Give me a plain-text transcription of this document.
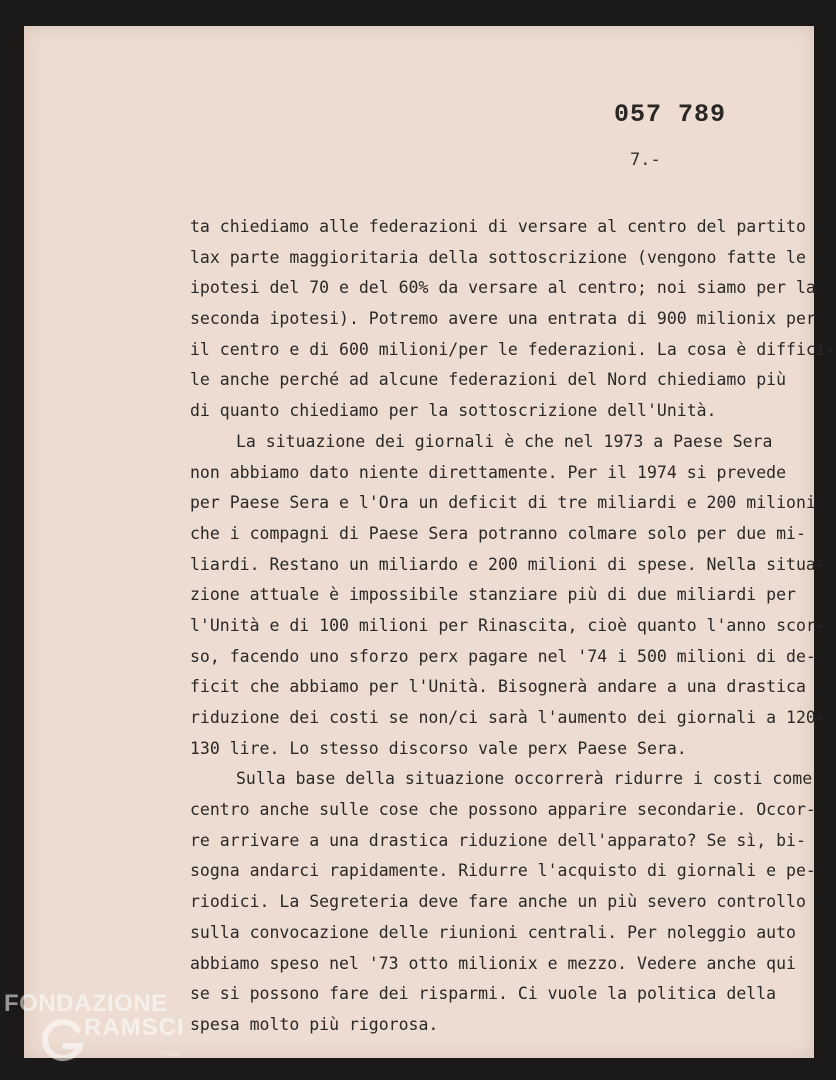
057 789
7.-
ta chiediamo alle federazioni di versare al centro del partito
lax parte maggioritaria della sottoscrizione (vengono fatte le
ipotesi del 70 e del 60% da versare al centro; noi siamo per la
seconda ipotesi). Potremo avere una entrata di 900 milionix per
il centro e di 600 milioni/per le federazioni. La cosa è diffici-
le anche perché ad alcune federazioni del Nord chiediamo più
di quanto chiediamo per la sottoscrizione dell'Unità.
La situazione dei giornali è che nel 1973 a Paese Sera
non abbiamo dato niente direttamente. Per il 1974 si prevede
per Paese Sera e l'Ora un deficit di tre miliardi e 200 milioni
che i compagni di Paese Sera potranno colmare solo per due mi-
liardi. Restano un miliardo e 200 milioni di spese. Nella situa-
zione attuale è impossibile stanziare più di due miliardi per
l'Unità e di 100 milioni per Rinascita, cioè quanto l'anno scor-
so, facendo uno sforzo perx pagare nel '74 i 500 milioni di de-
ficit che abbiamo per l'Unità. Bisognerà andare a una drastica
riduzione dei costi se non/ci sarà l'aumento dei giornali a 120-
130 lire. Lo stesso discorso vale perx Paese Sera.
Sulla base della situazione occorrerà ridurre i costi come
centro anche sulle cose che possono apparire secondarie. Occor-
re arrivare a una drastica riduzione dell'apparato? Se sì, bi-
sogna andarci rapidamente. Ridurre l'acquisto di giornali e pe-
riodici. La Segreteria deve fare anche un più severo controllo
sulla convocazione delle riunioni centrali. Per noleggio auto
abbiamo speso nel '73 otto milionix e mezzo. Vedere anche qui
se si possono fare dei risparmi. Ci vuole la politica della
spesa molto più rigorosa.
FONDAZIONE
RAMSCI
onlus
